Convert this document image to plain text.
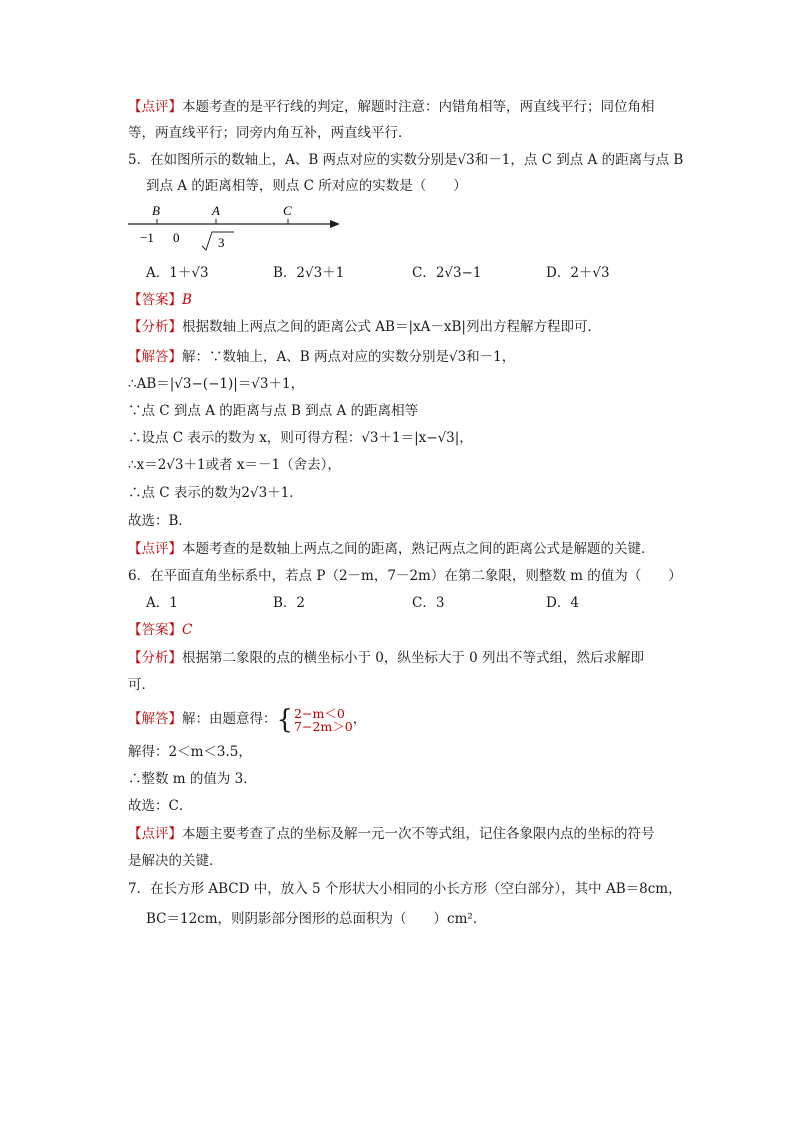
【点评】本题考查的是平行线的判定，解题时注意：内错角相等，两直线平行；同位角相
等，两直线平行；同旁内角互补，两直线平行．
5．在如图所示的数轴上，A、B 两点对应的实数分别是√3和－1，点 C 到点 A 的距离与点 B
到点 A 的距离相等，则点 C 所对应的实数是（　　）
B	A	C
−1 0	3
A．1＋√3	B．2√3＋1	C．2√3−1	D．2＋√3
【答案】B
【分析】根据数轴上两点之间的距离公式 AB＝|xA－xB|列出方程解方程即可．
【解答】解：∵数轴上，A、B 两点对应的实数分别是√3和－1，
∴AB＝|√3−(−1)|＝√3＋1，
∵点 C 到点 A 的距离与点 B 到点 A 的距离相等
∴设点 C 表示的数为 x，则可得方程：√3＋1＝|x−√3|，
∴x＝2√3＋1或者 x＝－1（舍去），
∴点 C 表示的数为2√3＋1．
故选：B．
【点评】本题考查的是数轴上两点之间的距离，熟记两点之间的距离公式是解题的关键．
6．在平面直角坐标系中，若点 P（2－m，7－2m）在第二象限，则整数 m 的值为（　　）
A．1	B．2	C．3	D．4
【答案】C
【分析】根据第二象限的点的横坐标小于 0，纵坐标大于 0 列出不等式组，然后求解即
可．
【解答】解：由题意得： { 2−m＜0
7−2m＞0 ，
解得：2＜m＜3.5，
∴整数 m 的值为 3．
故选：C．
【点评】本题主要考查了点的坐标及解一元一次不等式组，记住各象限内点的坐标的符号
是解决的关键．
7．在长方形 ABCD 中，放入 5 个形状大小相同的小长方形（空白部分），其中 AB＝8cm，
BC＝12cm，则阴影部分图形的总面积为（　　）cm²．
